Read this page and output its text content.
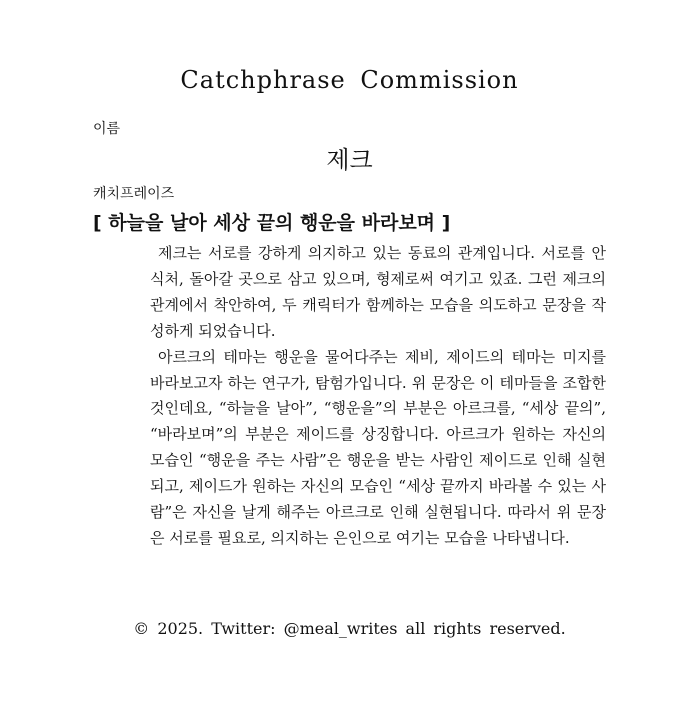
Catchphrase Commission
이름
제크
캐치프레이즈
[ 하늘을 날아 세상 끝의 행운을 바라보며 ]

제크는 서로를 강하게 의지하고 있는 동료의 관계입니다. 서로를 안식처, 돌아갈 곳으로 삼고 있으며, 형제로써 여기고 있죠. 그런 제크의 관계에서 착안하여, 두 캐릭터가 함께하는 모습을 의도하고 문장을 작성하게 되었습니다.

아르크의 테마는 행운을 물어다주는 제비, 제이드의 테마는 미지를 바라보고자 하는 연구가, 탐험가입니다. 위 문장은 이 테마들을 조합한 것인데요, “하늘을 날아”, “행운을”의 부분은 아르크를, “세상 끝의”, “바라보며”의 부분은 제이드를 상징합니다. 아르크가 원하는 자신의 모습인 “행운을 주는 사람”은 행운을 받는 사람인 제이드로 인해 실현되고, 제이드가 원하는 자신의 모습인 “세상 끝까지 바라볼 수 있는 사람”은 자신을 날게 해주는 아르크로 인해 실현됩니다. 따라서 위 문장은 서로를 필요로, 의지하는 은인으로 여기는 모습을 나타냅니다.

© 2025. Twitter: @meal_writes all rights reserved.
